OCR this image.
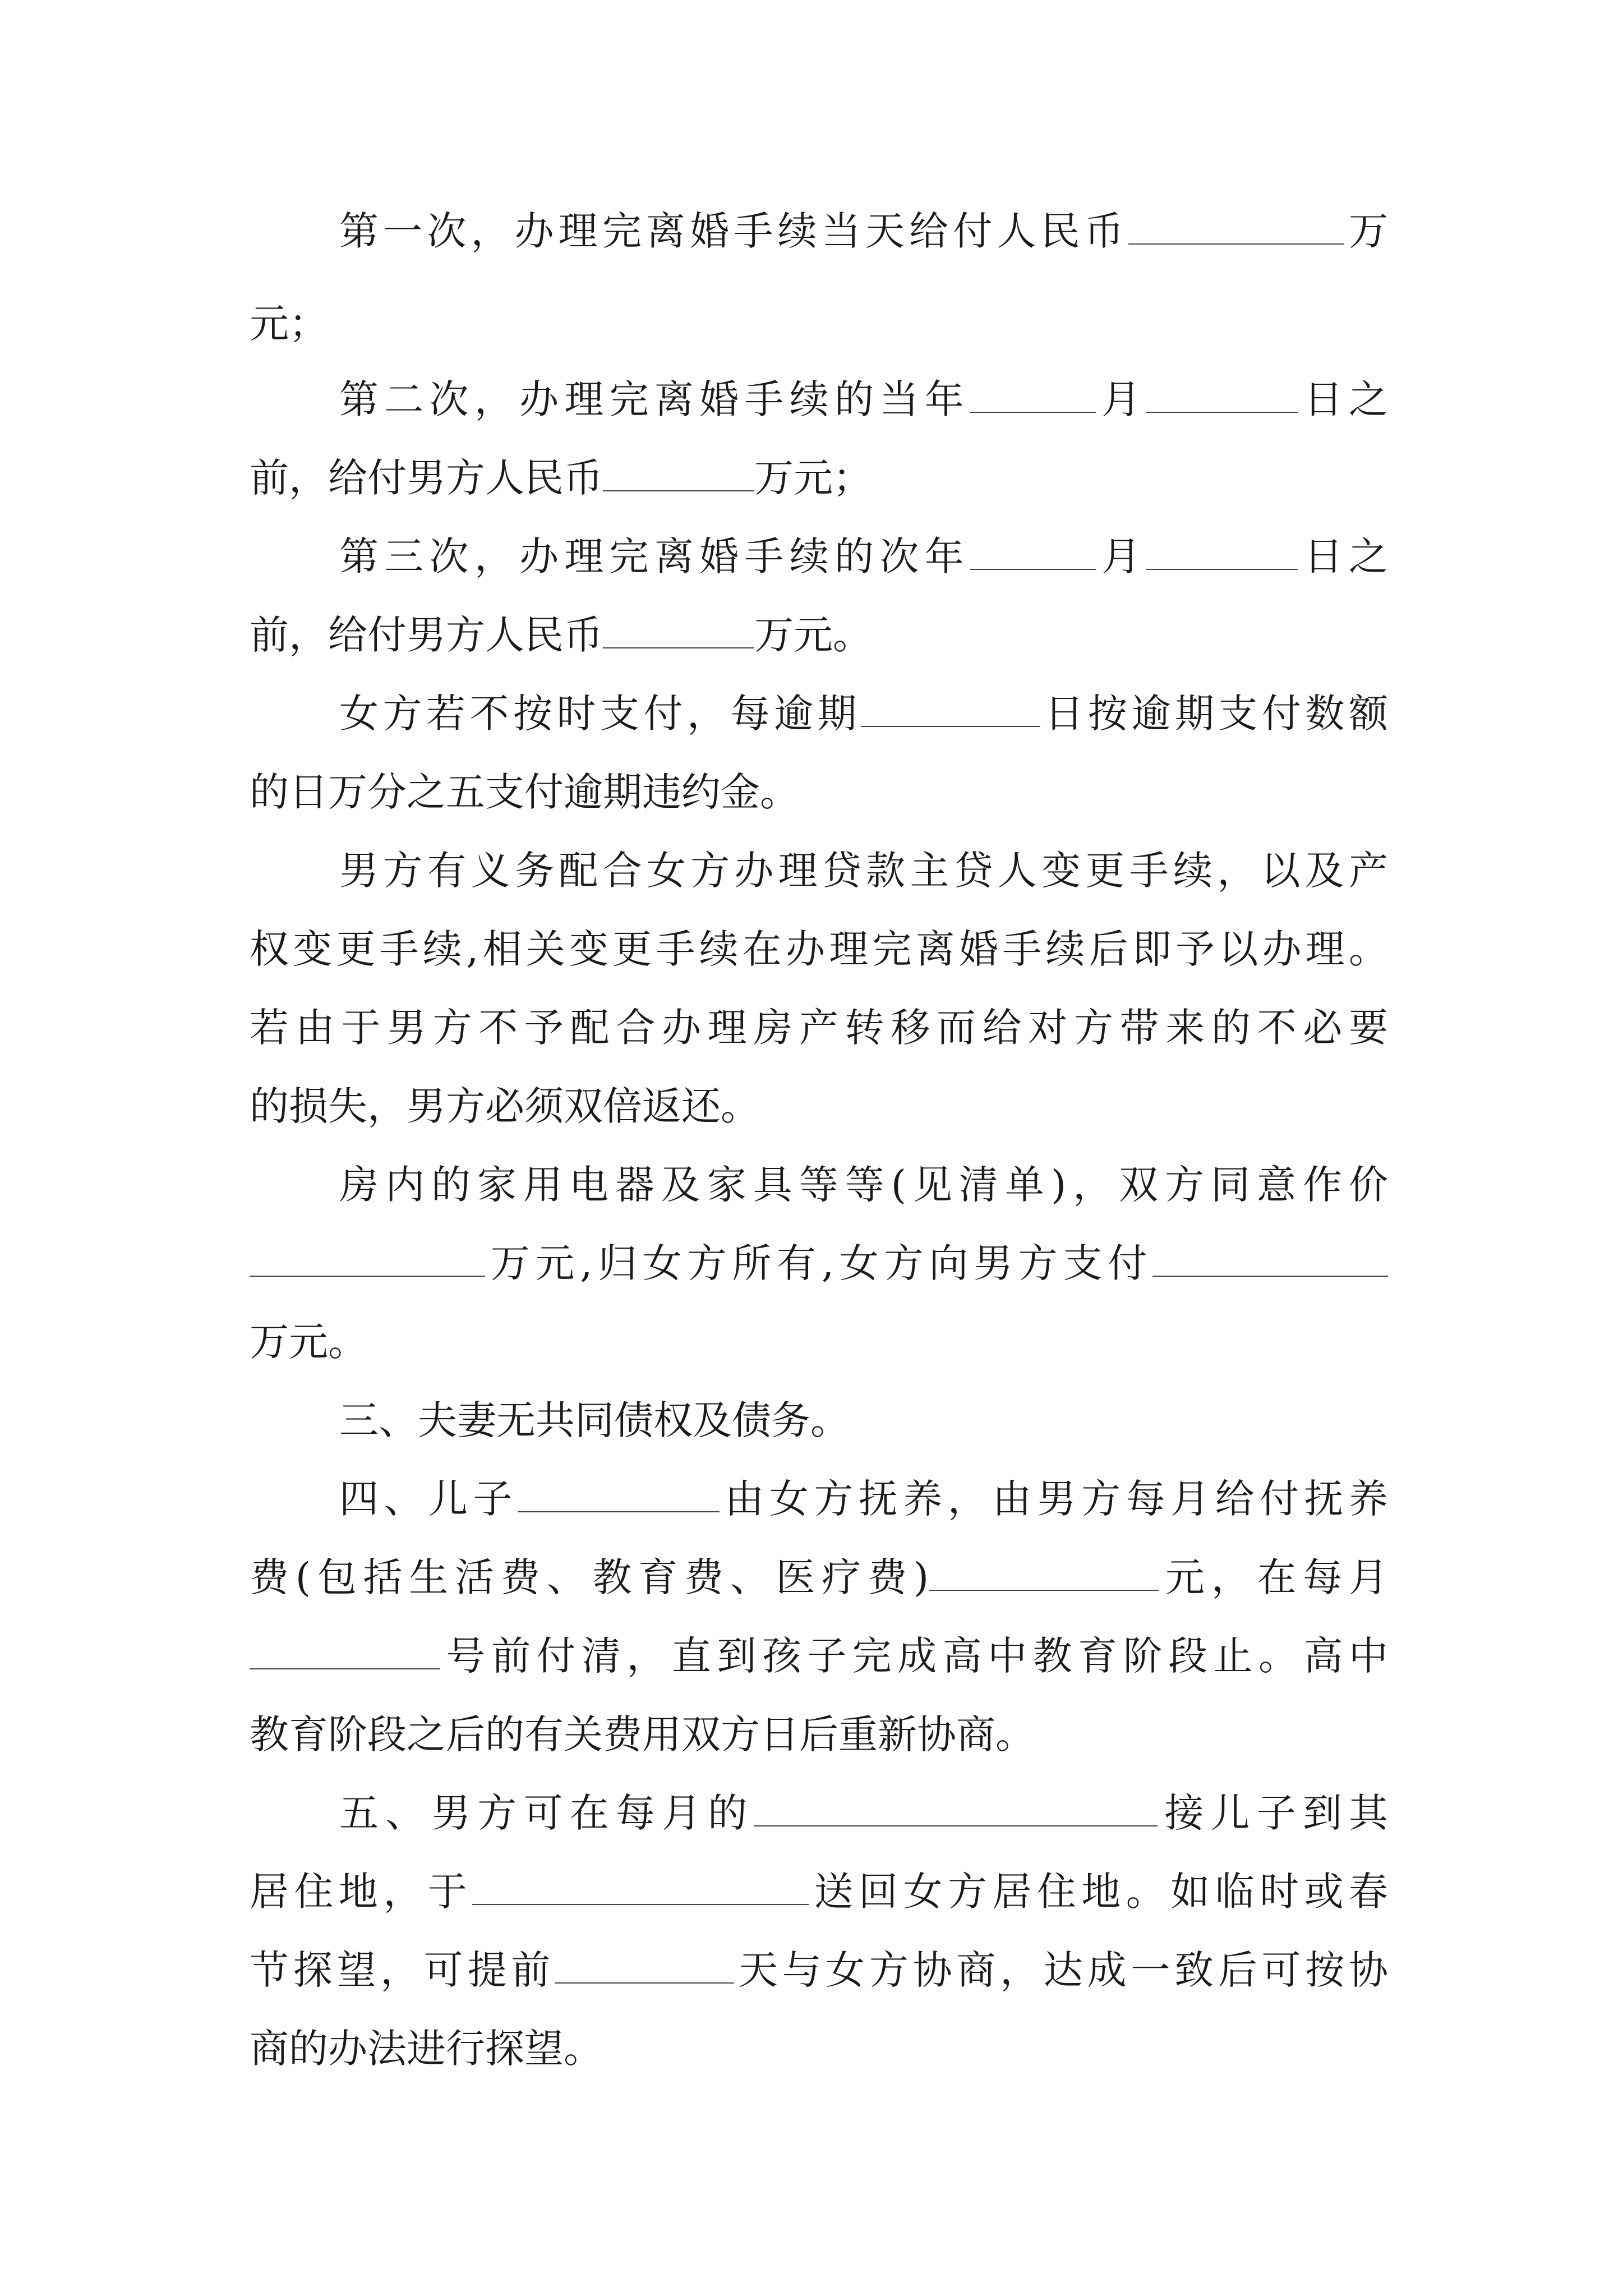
第一次，办理完离婚手续当天给付人民币	万
元；
第二次，办理完离婚手续的当年	月	日之
前，给付男方人民币	万元；
第三次，办理完离婚手续的次年	月	日之
前，给付男方人民币	万元。
女方若不按时支付，每逾期	日按逾期支付数额
的日万分之五支付逾期违约金。
男方有义务配合女方办理贷款主贷人变更手续，以及产
权变更手续,相关变更手续在办理完离婚手续后即予以办理。
若由于男方不予配合办理房产转移而给对方带来的不必要
的损失，男方必须双倍返还。
房内的家用电器及家具等等(见清单)，双方同意作价
万元,归女方所有,女方向男方支付
万元。
三、夫妻无共同债权及债务。
四、儿子	由女方抚养，由男方每月给付抚养
费(包括生活费、教育费、医疗费)	元，在每月
号前付清，直到孩子完成高中教育阶段止。高中
教育阶段之后的有关费用双方日后重新协商。
五、男方可在每月的	接儿子到其
居住地，于	送回女方居住地。如临时或春
节探望，可提前	天与女方协商，达成一致后可按协
商的办法进行探望。
